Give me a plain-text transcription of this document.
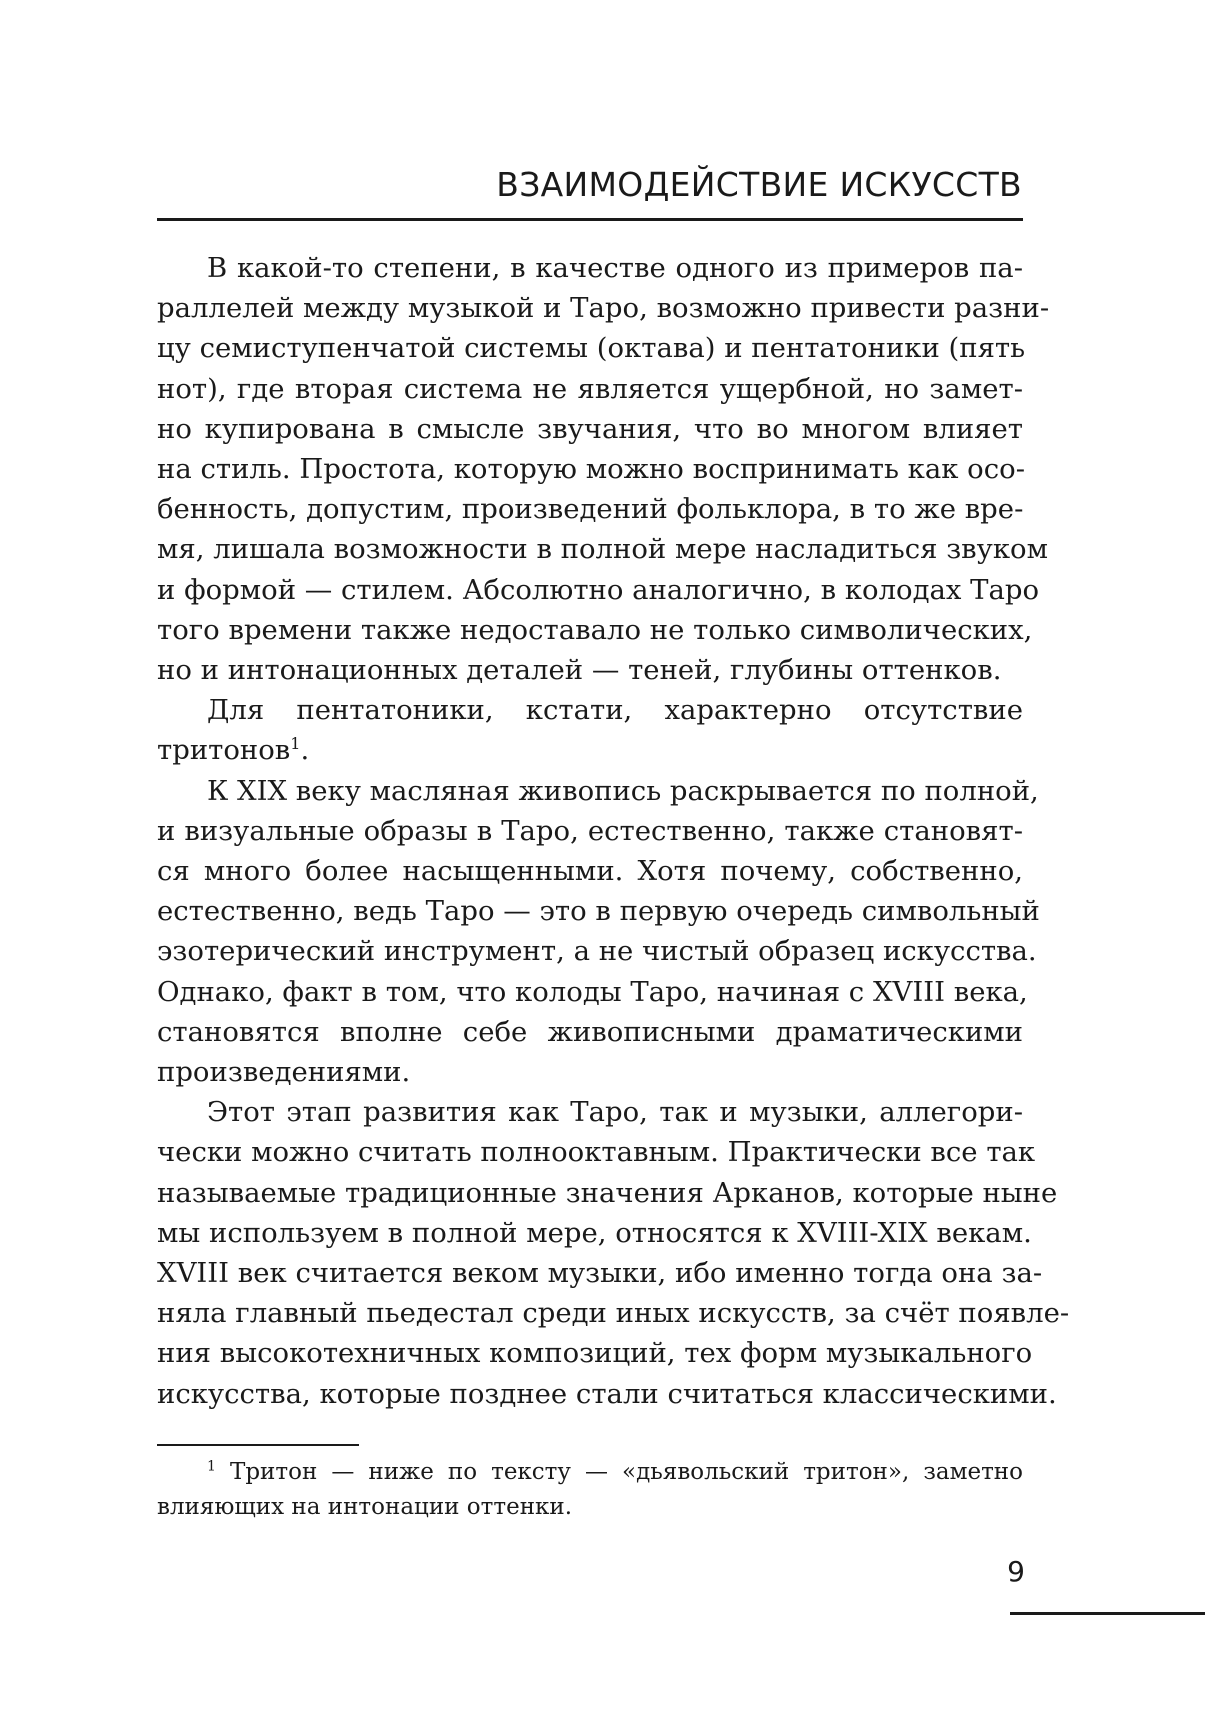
ВЗАИМОДЕЙСТВИЕ ИСКУССТВ

В какой-то степени, в качестве одного из примеров па-
раллелей между музыкой и Таро, возможно привести разни-
цу семиступенчатой системы (октава) и пентатоники (пять
нот), где вторая система не является ущербной, но замет-
но купирована в смысле звучания, что во многом влияет
на стиль. Простота, которую можно воспринимать как осо-
бенность, допустим, произведений фольклора, в то же вре-
мя, лишала возможности в полной мере насладиться звуком
и формой — стилем. Абсолютно аналогично, в колодах Таро
того времени также недоставало не только символических,
но и интонационных деталей — теней, глубины оттенков.

Для пентатоники, кстати, характерно отсутствие
тритонов$^1$.

К XIX веку масляная живопись раскрывается по полной,
и визуальные образы в Таро, естественно, также становят-
ся много более насыщенными. Хотя почему, собственно,
естественно, ведь Таро — это в первую очередь символьный
эзотерический инструмент, а не чистый образец искусства.
Однако, факт в том, что колоды Таро, начиная с XVIII века,
становятся вполне себе живописными драматическими
произведениями.

Этот этап развития как Таро, так и музыки, аллегори-
чески можно считать полнооктавным. Практически все так
называемые традиционные значения Арканов, которые ныне
мы используем в полной мере, относятся к XVIII-XIX векам.
XVIII век считается веком музыки, ибо именно тогда она за-
няла главный пьедестал среди иных искусств, за счёт появле-
ния высокотехничных композиций, тех форм музыкального
искусства, которые позднее стали считаться классическими.

$^1$ Тритон — ниже по тексту — «дьявольский тритон», заметно
влияющих на интонации оттенки.

9
